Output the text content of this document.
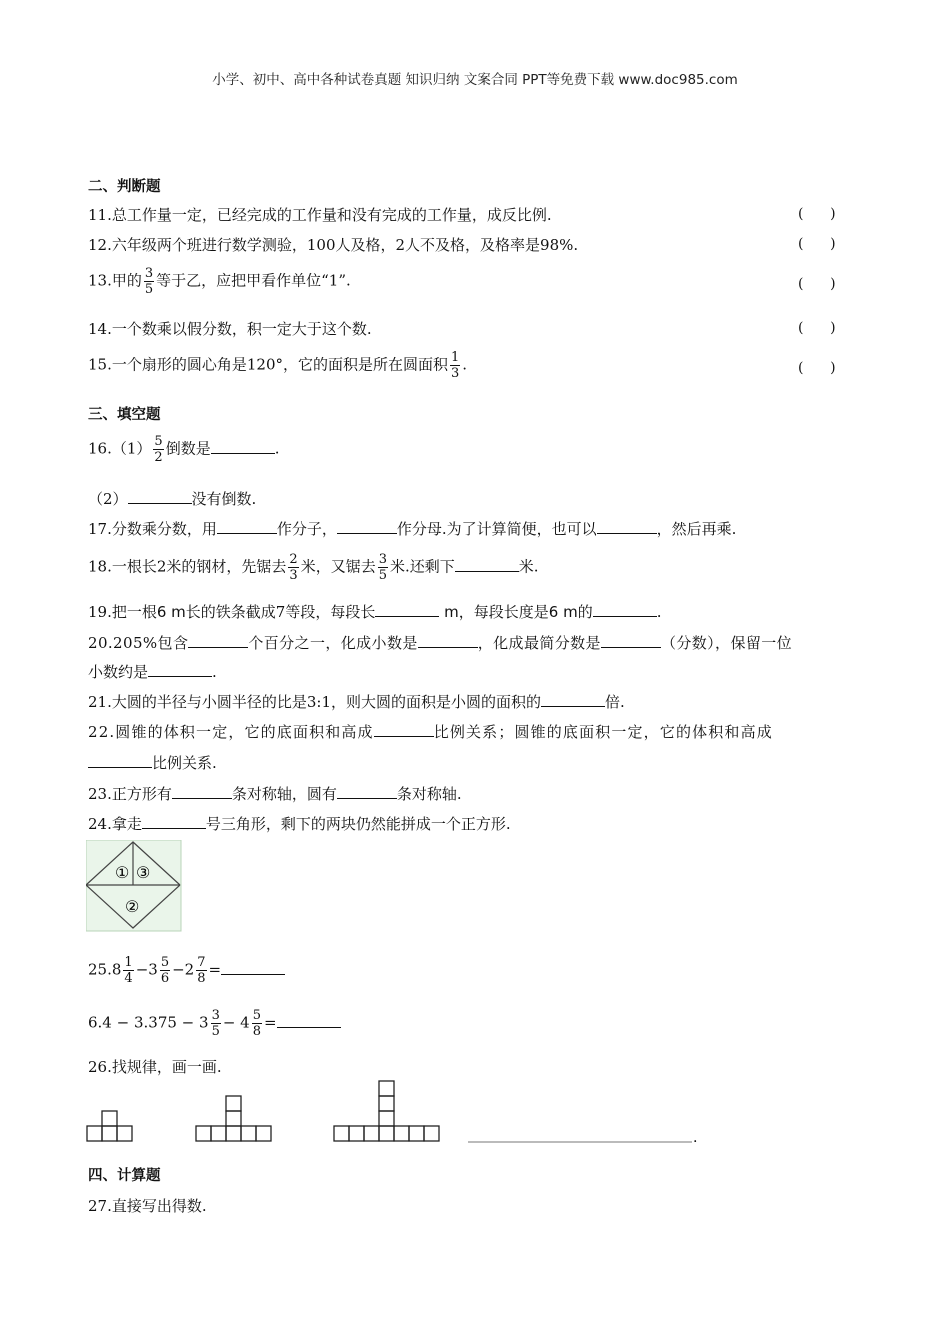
小学、初中、高中各种试卷真题 知识归纳 文案合同 PPT等免费下载 www.doc985.com
二、判断题
11.总工作量一定，已经完成的工作量和没有完成的工作量，成反比例.	(      )
12.六年级两个班进行数学测验，100人及格，2人不及格，及格率是98%.	(      )
13.甲的 $\frac{3}{5}$ 等于乙，应把甲看作单位“1”.	(      )
14.一个数乘以假分数，积一定大于这个数.	(      )
15.一个扇形的圆心角是120°，它的面积是所在圆面积 $\frac{1}{3}$ .	(      )
三、填空题
$16.(1) \frac{5}{2}$ 倒数是	.
（2）	没有倒数.
17.分数乘分数，用	作分子，	作分母.为了计算简便，也可以	，然后再乘.
18.一根长2米的钢材，先锯去 $\frac{2}{3}$ 米，又锯去 $\frac{3}{5}$ 米.还剩下	米.
19.把一根6 m长的铁条截成7等段，每段长	m，每段长度是6 m的	.
20.205%包含	个百分之一，化成小数是	，化成最简分数是	（分数），保留一位
小数约是	.
21.大圆的半径与小圆半径的比是3:1，则大圆的面积是小圆的面积的	倍.
22.圆锥的体积一定，它的底面积和高成	比例关系；圆锥的底面积一定，它的体积和高成
比例关系.
23.正方形有	条对称轴，圆有	条对称轴.
24.拿走	号三角形，剩下的两块仍然能拼成一个正方形.
① ③
②
$25.8 \frac{1}{4} -3 \frac{5}{6} -2 \frac{7}{8}$ =
$6.4 - 3.375 - 3 \frac{3}{5} - 4 \frac{5}{8}$ =
26.找规律，画一画.
.
四、计算题
27.直接写出得数.
